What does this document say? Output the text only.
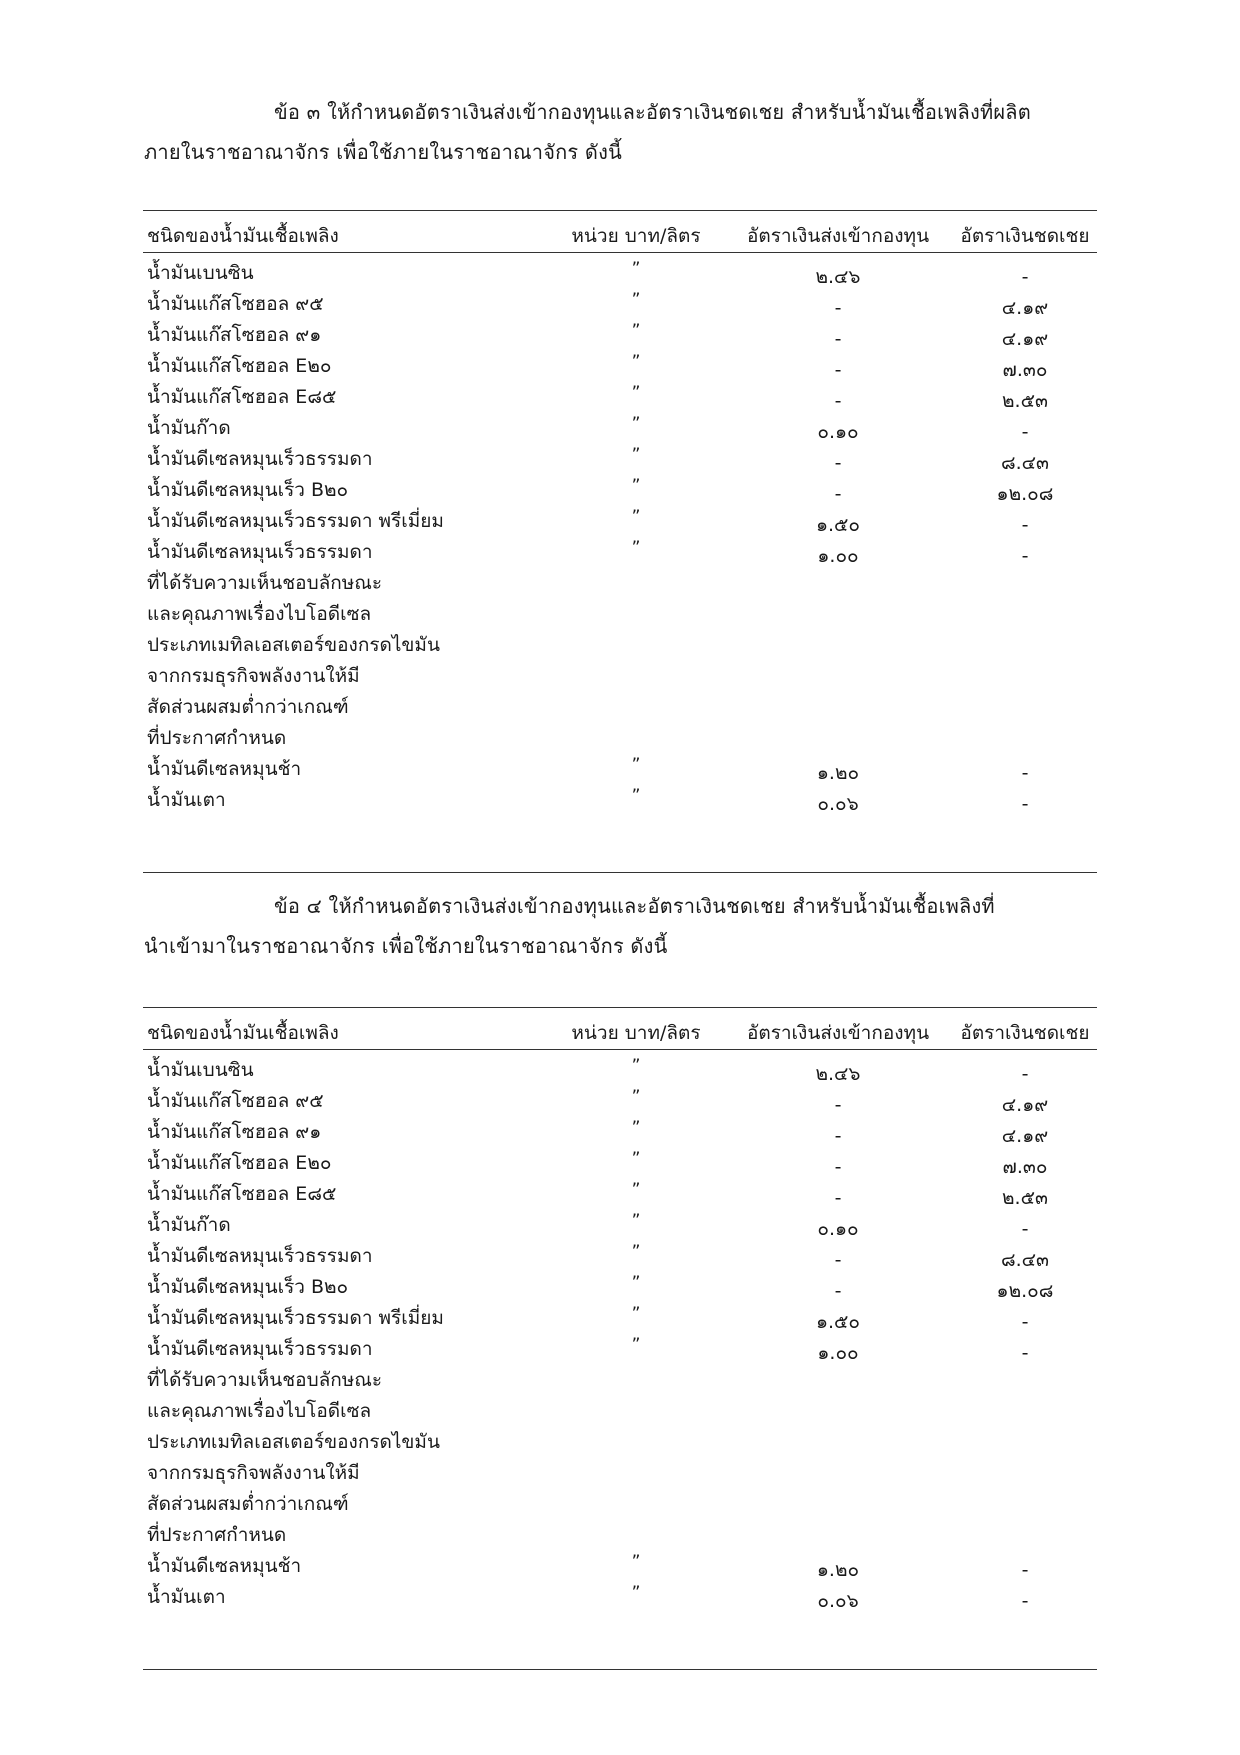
ข้อ ๓ ให้กำหนดอัตราเงินส่งเข้ากองทุนและอัตราเงินชดเชย สำหรับน้ำมันเชื้อเพลิงที่ผลิต
ภายในราชอาณาจักร เพื่อใช้ภายในราชอาณาจักร ดังนี้
ชนิดของน้ำมันเชื้อเพลิง	หน่วย บาท/ลิตร	อัตราเงินส่งเข้ากองทุน	อัตราเงินชดเชย
น้ำมันเบนซิน	”	๒.๔๖	-
น้ำมันแก๊สโซฮอล ๙๕	”	-	๔.๑๙
น้ำมันแก๊สโซฮอล ๙๑	”	-	๔.๑๙
น้ำมันแก๊สโซฮอล E๒๐	”	-	๗.๓๐
น้ำมันแก๊สโซฮอล E๘๕	”	-	๒.๕๓
น้ำมันก๊าด	”	๐.๑๐	-
น้ำมันดีเซลหมุนเร็วธรรมดา	”	-	๘.๔๓
น้ำมันดีเซลหมุนเร็ว B๒๐	”	-	๑๒.๐๘
น้ำมันดีเซลหมุนเร็วธรรมดา พรีเมี่ยม	”	๑.๕๐	-
น้ำมันดีเซลหมุนเร็วธรรมดา
ที่ได้รับความเห็นชอบลักษณะ
และคุณภาพเรื่องไบโอดีเซล
ประเภทเมทิลเอสเตอร์ของกรดไขมัน
จากกรมธุรกิจพลังงานให้มี
สัดส่วนผสมต่ำกว่าเกณฑ์
ที่ประกาศกำหนด
”	๑.๐๐	-
น้ำมันดีเซลหมุนช้า	”	๑.๒๐	-
น้ำมันเตา	”	๐.๐๖	-
ข้อ ๔ ให้กำหนดอัตราเงินส่งเข้ากองทุนและอัตราเงินชดเชย สำหรับน้ำมันเชื้อเพลิงที่
นำเข้ามาในราชอาณาจักร เพื่อใช้ภายในราชอาณาจักร ดังนี้
ชนิดของน้ำมันเชื้อเพลิง	หน่วย บาท/ลิตร	อัตราเงินส่งเข้ากองทุน	อัตราเงินชดเชย
น้ำมันเบนซิน	”	๒.๔๖	-
น้ำมันแก๊สโซฮอล ๙๕	”	-	๔.๑๙
น้ำมันแก๊สโซฮอล ๙๑	”	-	๔.๑๙
น้ำมันแก๊สโซฮอล E๒๐	”	-	๗.๓๐
น้ำมันแก๊สโซฮอล E๘๕	”	-	๒.๕๓
น้ำมันก๊าด	”	๐.๑๐	-
น้ำมันดีเซลหมุนเร็วธรรมดา	”	-	๘.๔๓
น้ำมันดีเซลหมุนเร็ว B๒๐	”	-	๑๒.๐๘
น้ำมันดีเซลหมุนเร็วธรรมดา พรีเมี่ยม	”	๑.๕๐	-
น้ำมันดีเซลหมุนเร็วธรรมดา
ที่ได้รับความเห็นชอบลักษณะ
และคุณภาพเรื่องไบโอดีเซล
ประเภทเมทิลเอสเตอร์ของกรดไขมัน
จากกรมธุรกิจพลังงานให้มี
สัดส่วนผสมต่ำกว่าเกณฑ์
ที่ประกาศกำหนด
”	๑.๐๐	-
น้ำมันดีเซลหมุนช้า	”	๑.๒๐	-
น้ำมันเตา	”	๐.๐๖	-
